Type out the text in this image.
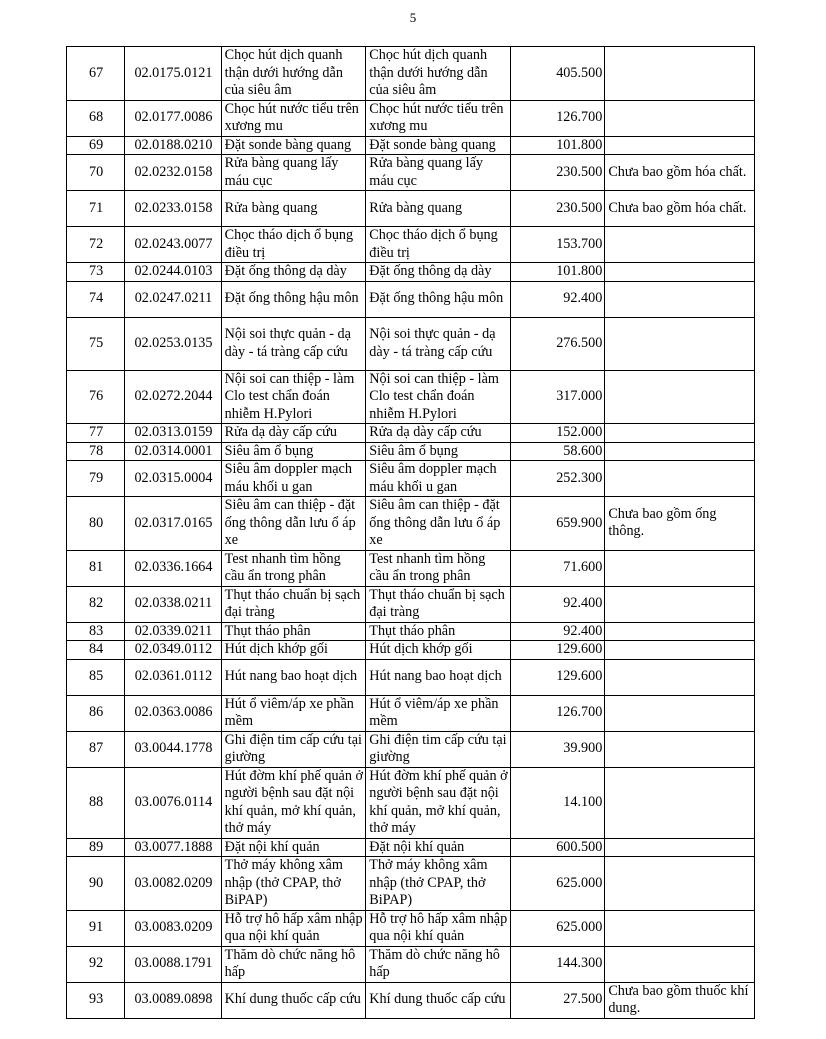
5
67	02.0175.0121	Chọc hút dịch quanh thận dưới hướng dẫn của siêu âm	Chọc hút dịch quanh thận dưới hướng dẫn của siêu âm	405.500	
68	02.0177.0086	Chọc hút nước tiểu trên xương mu	Chọc hút nước tiểu trên xương mu	126.700	
69	02.0188.0210	Đặt sonde bàng quang	Đặt sonde bàng quang	101.800	
70	02.0232.0158	Rửa bàng quang lấy máu cục	Rửa bàng quang lấy máu cục	230.500	Chưa bao gồm hóa chất.
71	02.0233.0158	Rửa bàng quang	Rửa bàng quang	230.500	Chưa bao gồm hóa chất.
72	02.0243.0077	Chọc tháo dịch ổ bụng điều trị	Chọc tháo dịch ổ bụng điều trị	153.700	
73	02.0244.0103	Đặt ống thông dạ dày	Đặt ống thông dạ dày	101.800	
74	02.0247.0211	Đặt ống thông hậu môn	Đặt ống thông hậu môn	92.400	
75	02.0253.0135	Nội soi thực quản - dạ dày - tá tràng cấp cứu	Nội soi thực quản - dạ dày - tá tràng cấp cứu	276.500	
76	02.0272.2044	Nội soi can thiệp - làm Clo test chẩn đoán nhiễm H.Pylori	Nội soi can thiệp - làm Clo test chẩn đoán nhiễm H.Pylori	317.000	
77	02.0313.0159	Rửa dạ dày cấp cứu	Rửa dạ dày cấp cứu	152.000	
78	02.0314.0001	Siêu âm ổ bụng	Siêu âm ổ bụng	58.600	
79	02.0315.0004	Siêu âm doppler mạch máu khối u gan	Siêu âm doppler mạch máu khối u gan	252.300	
80	02.0317.0165	Siêu âm can thiệp - đặt ống thông dẫn lưu ổ áp xe	Siêu âm can thiệp - đặt ống thông dẫn lưu ổ áp xe	659.900	Chưa bao gồm ống thông.
81	02.0336.1664	Test nhanh tìm hồng cầu ẩn trong phân	Test nhanh tìm hồng cầu ẩn trong phân	71.600	
82	02.0338.0211	Thụt tháo chuẩn bị sạch đại tràng	Thụt tháo chuẩn bị sạch đại tràng	92.400	
83	02.0339.0211	Thụt tháo phân	Thụt tháo phân	92.400	
84	02.0349.0112	Hút dịch khớp gối	Hút dịch khớp gối	129.600	
85	02.0361.0112	Hút nang bao hoạt dịch	Hút nang bao hoạt dịch	129.600	
86	02.0363.0086	Hút ổ viêm/áp xe phần mềm	Hút ổ viêm/áp xe phần mềm	126.700	
87	03.0044.1778	Ghi điện tim cấp cứu tại giường	Ghi điện tim cấp cứu tại giường	39.900	
88	03.0076.0114	Hút đờm khí phế quản ở người bệnh sau đặt nội khí quản, mở khí quản, thở máy	Hút đờm khí phế quản ở người bệnh sau đặt nội khí quản, mở khí quản, thở máy	14.100	
89	03.0077.1888	Đặt nội khí quản	Đặt nội khí quản	600.500	
90	03.0082.0209	Thở máy không xâm nhập (thở CPAP, thở BiPAP)	Thở máy không xâm nhập (thở CPAP, thở BiPAP)	625.000	
91	03.0083.0209	Hỗ trợ hô hấp xâm nhập qua nội khí quản	Hỗ trợ hô hấp xâm nhập qua nội khí quản	625.000	
92	03.0088.1791	Thăm dò chức năng hô hấp	Thăm dò chức năng hô hấp	144.300	
93	03.0089.0898	Khí dung thuốc cấp cứu	Khí dung thuốc cấp cứu	27.500	Chưa bao gồm thuốc khí dung.
